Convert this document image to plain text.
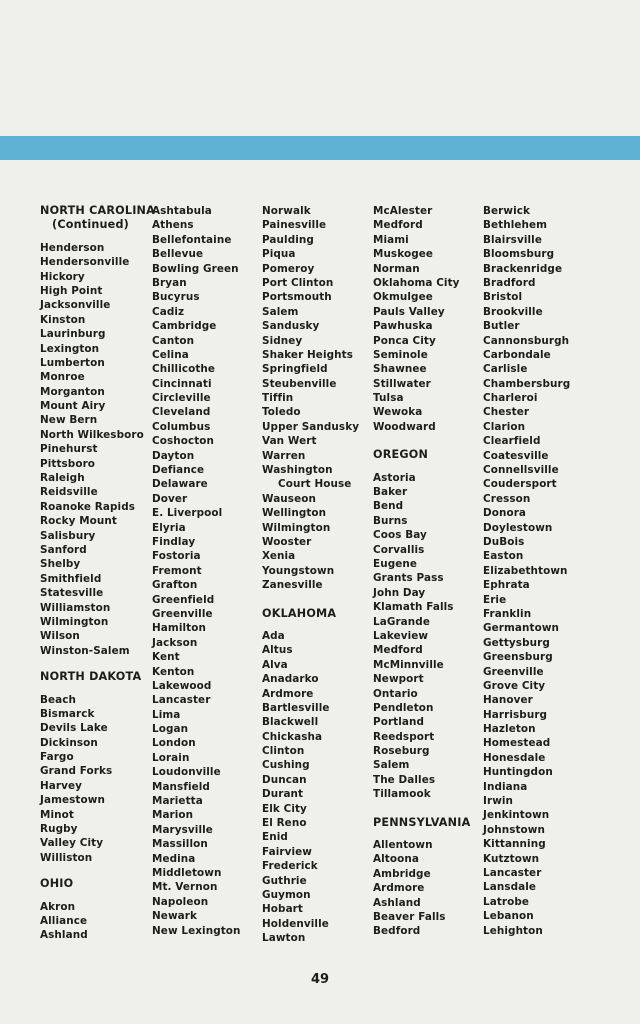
NORTH CAROLINA
(Continued)
Henderson
Hendersonville
Hickory
High Point
Jacksonville
Kinston
Laurinburg
Lexington
Lumberton
Monroe
Morganton
Mount Airy
New Bern
North Wilkesboro
Pinehurst
Pittsboro
Raleigh
Reidsville
Roanoke Rapids
Rocky Mount
Salisbury
Sanford
Shelby
Smithfield
Statesville
Williamston
Wilmington
Wilson
Winston-Salem
NORTH DAKOTA
Beach
Bismarck
Devils Lake
Dickinson
Fargo
Grand Forks
Harvey
Jamestown
Minot
Rugby
Valley City
Williston
OHIO
Akron
Alliance
Ashland
Ashtabula
Athens
Bellefontaine
Bellevue
Bowling Green
Bryan
Bucyrus
Cadiz
Cambridge
Canton
Celina
Chillicothe
Cincinnati
Circleville
Cleveland
Columbus
Coshocton
Dayton
Defiance
Delaware
Dover
E. Liverpool
Elyria
Findlay
Fostoria
Fremont
Grafton
Greenfield
Greenville
Hamilton
Jackson
Kent
Kenton
Lakewood
Lancaster
Lima
Logan
London
Lorain
Loudonville
Mansfield
Marietta
Marion
Marysville
Massillon
Medina
Middletown
Mt. Vernon
Napoleon
Newark
New Lexington
Norwalk
Painesville
Paulding
Piqua
Pomeroy
Port Clinton
Portsmouth
Salem
Sandusky
Sidney
Shaker Heights
Springfield
Steubenville
Tiffin
Toledo
Upper Sandusky
Van Wert
Warren
Washington
Court House
Wauseon
Wellington
Wilmington
Wooster
Xenia
Youngstown
Zanesville
OKLAHOMA
Ada
Altus
Alva
Anadarko
Ardmore
Bartlesville
Blackwell
Chickasha
Clinton
Cushing
Duncan
Durant
Elk City
El Reno
Enid
Fairview
Frederick
Guthrie
Guymon
Hobart
Holdenville
Lawton
McAlester
Medford
Miami
Muskogee
Norman
Oklahoma City
Okmulgee
Pauls Valley
Pawhuska
Ponca City
Seminole
Shawnee
Stillwater
Tulsa
Wewoka
Woodward
OREGON
Astoria
Baker
Bend
Burns
Coos Bay
Corvallis
Eugene
Grants Pass
John Day
Klamath Falls
LaGrande
Lakeview
Medford
McMinnville
Newport
Ontario
Pendleton
Portland
Reedsport
Roseburg
Salem
The Dalles
Tillamook
PENNSYLVANIA
Allentown
Altoona
Ambridge
Ardmore
Ashland
Beaver Falls
Bedford
Berwick
Bethlehem
Blairsville
Bloomsburg
Brackenridge
Bradford
Bristol
Brookville
Butler
Cannonsburgh
Carbondale
Carlisle
Chambersburg
Charleroi
Chester
Clarion
Clearfield
Coatesville
Connellsville
Coudersport
Cresson
Donora
Doylestown
DuBois
Easton
Elizabethtown
Ephrata
Erie
Franklin
Germantown
Gettysburg
Greensburg
Greenville
Grove City
Hanover
Harrisburg
Hazleton
Homestead
Honesdale
Huntingdon
Indiana
Irwin
Jenkintown
Johnstown
Kittanning
Kutztown
Lancaster
Lansdale
Latrobe
Lebanon
Lehighton
49
